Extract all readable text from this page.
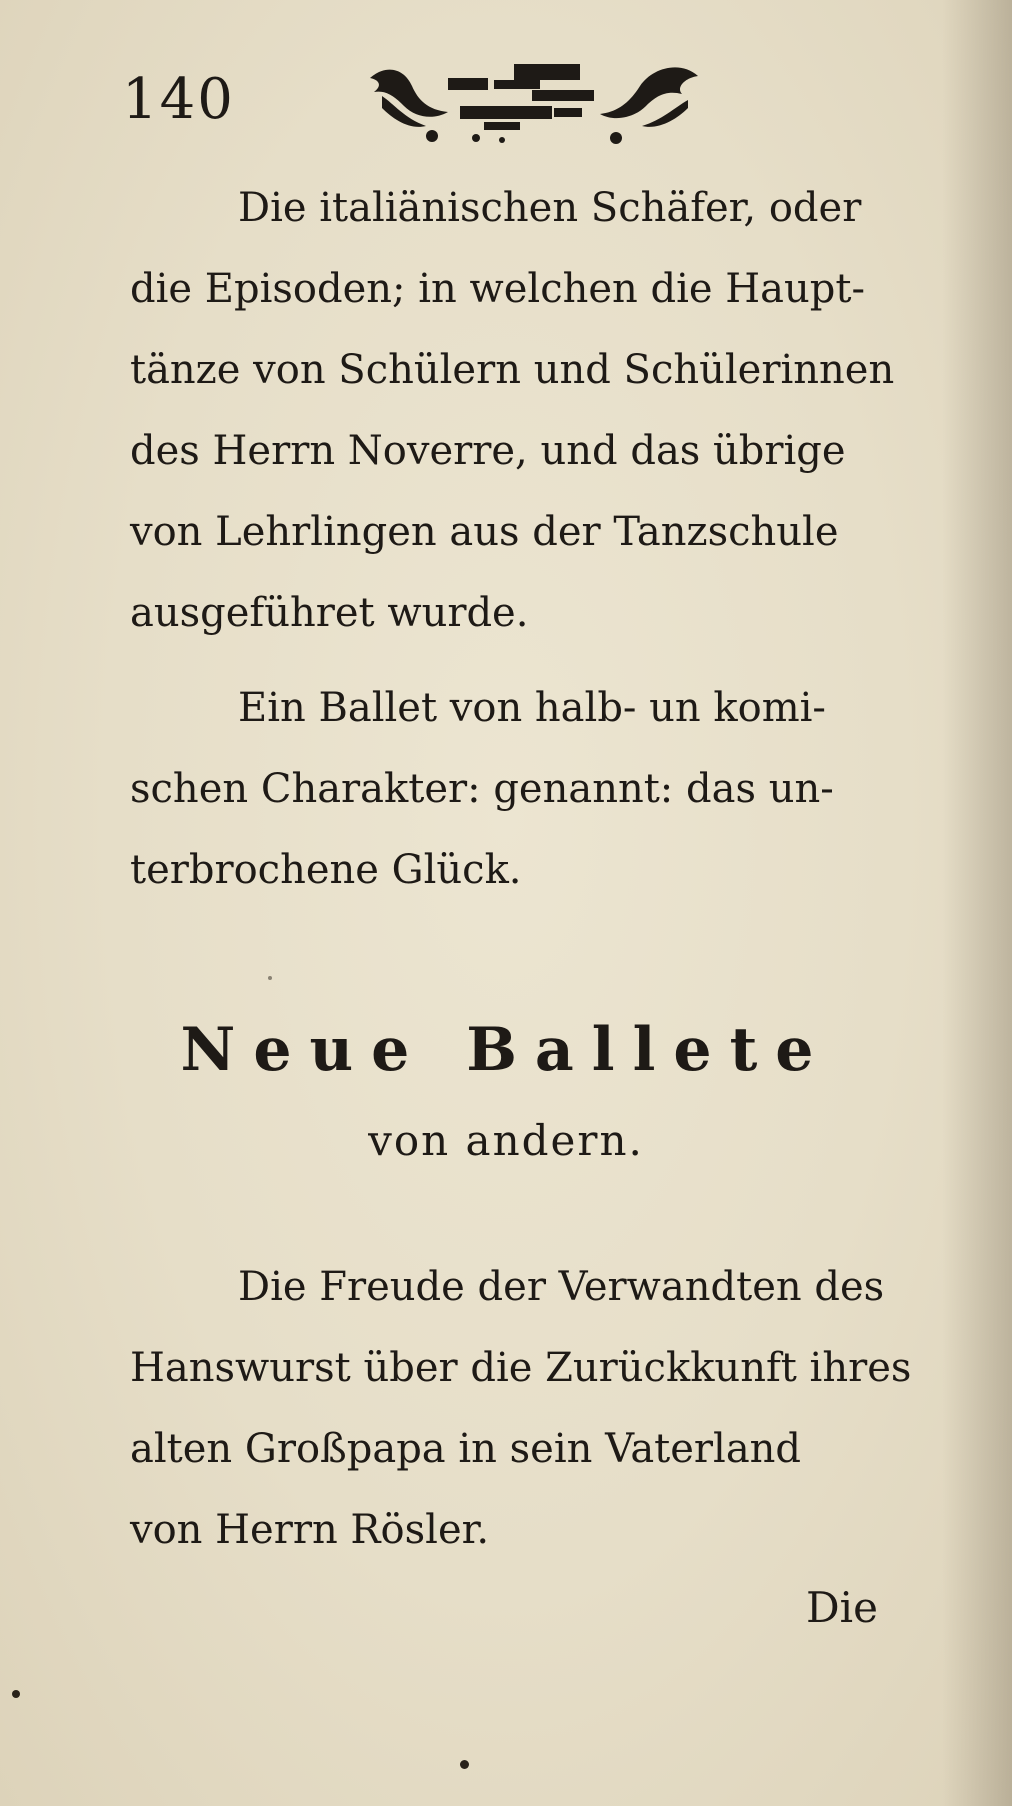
140
Die italiänischen Schäfer, oder
die Episoden; in welchen die Haupt-
tänze von Schülern und Schülerinnen
des Herrn Noverre, und das übrige
von Lehrlingen aus der Tanzschule
ausgeführet wurde.
Ein Ballet von halb- un komi-
schen Charakter: genannt: das un-
terbrochene Glück.
Neue Ballete
von andern.
Die Freude der Verwandten des
Hanswurst über die Zurückkunft ihres
alten Großpapa in sein Vaterland
von Herrn Rösler.
Die
